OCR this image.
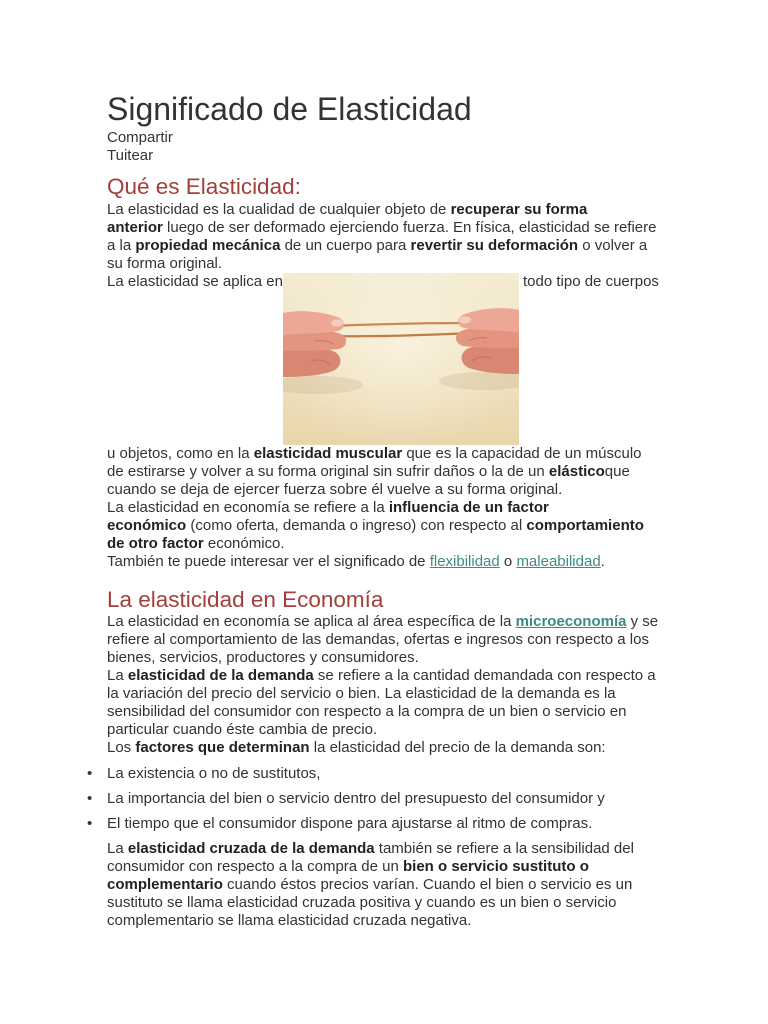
Significado de Elasticidad
Compartir
Tuitear
Qué es Elasticidad:
La elasticidad es la cualidad de cualquier objeto de recuperar su forma
anterior luego de ser deformado ejerciendo fuerza. En física, elasticidad se refiere
a la propiedad mecánica de un cuerpo para revertir su deformación o volver a
su forma original.
La elasticidad se aplica en	todo tipo de cuerpos
u objetos, como en la elasticidad muscular que es la capacidad de un músculo
de estirarse y volver a su forma original sin sufrir daños o la de un elásticoque
cuando se deja de ejercer fuerza sobre él vuelve a su forma original.
La elasticidad en economía se refiere a la influencia de un factor
económico (como oferta, demanda o ingreso) con respecto al comportamiento
de otro factor económico.
También te puede interesar ver el significado de flexibilidad o maleabilidad.
La elasticidad en Economía
La elasticidad en economía se aplica al área específica de la microeconomía y se
refiere al comportamiento de las demandas, ofertas e ingresos con respecto a los
bienes, servicios, productores y consumidores.
La elasticidad de la demanda se refiere a la cantidad demandada con respecto a
la variación del precio del servicio o bien. La elasticidad de la demanda es la
sensibilidad del consumidor con respecto a la compra de un bien o servicio en
particular cuando éste cambia de precio.
Los factores que determinan la elasticidad del precio de la demanda son:
• La existencia o no de sustitutos,
• La importancia del bien o servicio dentro del presupuesto del consumidor y
• El tiempo que el consumidor dispone para ajustarse al ritmo de compras.
La elasticidad cruzada de la demanda también se refiere a la sensibilidad del
consumidor con respecto a la compra de un bien o servicio sustituto o
complementario cuando éstos precios varían. Cuando el bien o servicio es un
sustituto se llama elasticidad cruzada positiva y cuando es un bien o servicio
complementario se llama elasticidad cruzada negativa.
